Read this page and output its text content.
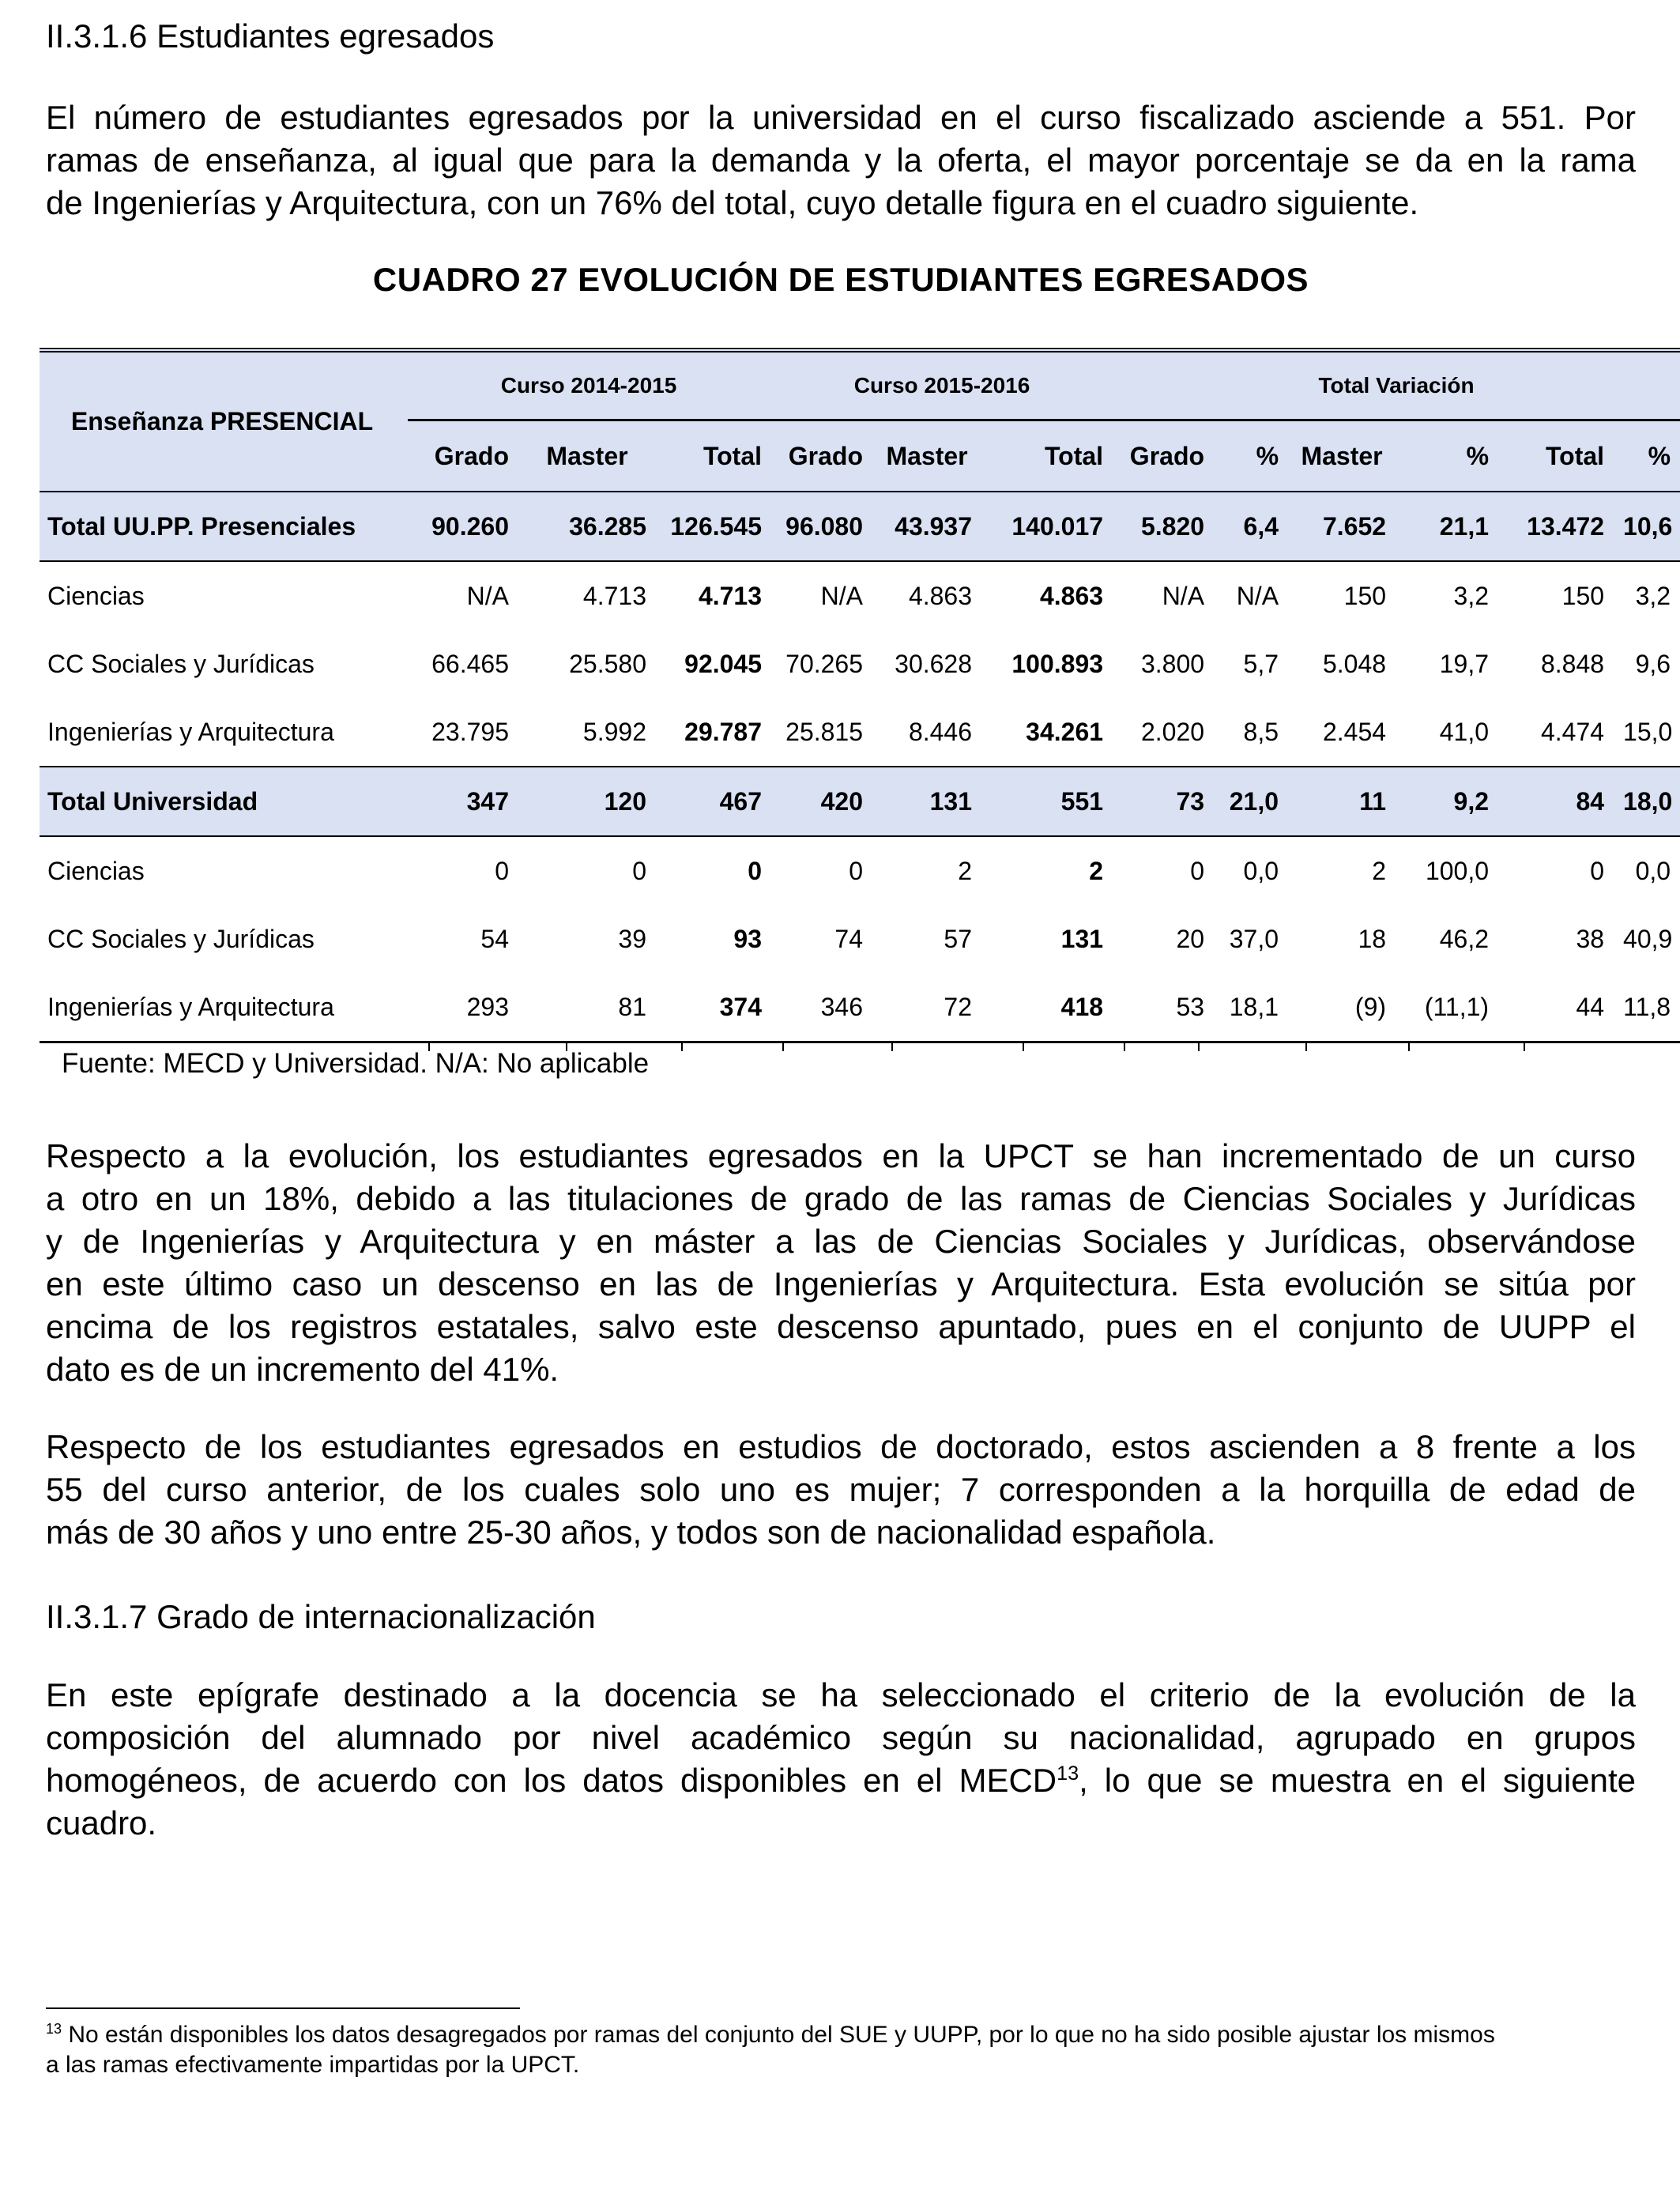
II.3.1.6 Estudiantes egresados

El número de estudiantes egresados por la universidad en el curso fiscalizado asciende a 551. Por
ramas de enseñanza, al igual que para la demanda y la oferta, el mayor porcentaje se da en la rama
de Ingenierías y Arquitectura, con un 76% del total, cuyo detalle figura en el cuadro siguiente.

CUADRO 27 EVOLUCIÓN DE ESTUDIANTES EGRESADOS
Enseñanza PRESENCIAL	Curso 2014-2015			Curso 2015-2016			Total Variación					
	Grado	Master	Total	Grado	Master	Total	Grado	%	Master	%	Total	%
Total UU.PP. Presenciales	90.260	36.285	126.545	96.080	43.937	140.017	5.820	6,4	7.652	21,1	13.472	10,6
Ciencias	N/A	4.713	4.713	N/A	4.863	4.863	N/A	N/A	150	3,2	150	3,2
CC Sociales y Jurídicas	66.465	25.580	92.045	70.265	30.628	100.893	3.800	5,7	5.048	19,7	8.848	9,6
Ingenierías y Arquitectura	23.795	5.992	29.787	25.815	8.446	34.261	2.020	8,5	2.454	41,0	4.474	15,0
Total Universidad	347	120	467	420	131	551	73	21,0	11	9,2	84	18,0
Ciencias	0	0	0	0	2	2	0	0,0	2	100,0	0	0,0
CC Sociales y Jurídicas	54	39	93	74	57	131	20	37,0	18	46,2	38	40,9
Ingenierías y Arquitectura	293	81	374	346	72	418	53	18,1	(9)	(11,1)	44	11,8
Fuente: MECD y Universidad. N/A: No aplicable

Respecto a la evolución, los estudiantes egresados en la UPCT se han incrementado de un curso
a otro en un 18%, debido a las titulaciones de grado de las ramas de Ciencias Sociales y Jurídicas
y de Ingenierías y Arquitectura y en máster a las de Ciencias Sociales y Jurídicas, observándose
en este último caso un descenso en las de Ingenierías y Arquitectura. Esta evolución se sitúa por
encima de los registros estatales, salvo este descenso apuntado, pues en el conjunto de UUPP el
dato es de un incremento del 41%.

Respecto de los estudiantes egresados en estudios de doctorado, estos ascienden a 8 frente a los
55 del curso anterior, de los cuales solo uno es mujer; 7 corresponden a la horquilla de edad de
más de 30 años y uno entre 25-30 años, y todos son de nacionalidad española.

II.3.1.7 Grado de internacionalización

En este epígrafe destinado a la docencia se ha seleccionado el criterio de la evolución de la
composición del alumnado por nivel académico según su nacionalidad, agrupado en grupos
homogéneos, de acuerdo con los datos disponibles en el MECD$^{13}$, lo que se muestra en el siguiente
cuadro.

$^{13}$ No están disponibles los datos desagregados por ramas del conjunto del SUE y UUPP, por lo que no ha sido posible ajustar los mismos
a las ramas efectivamente impartidas por la UPCT.
